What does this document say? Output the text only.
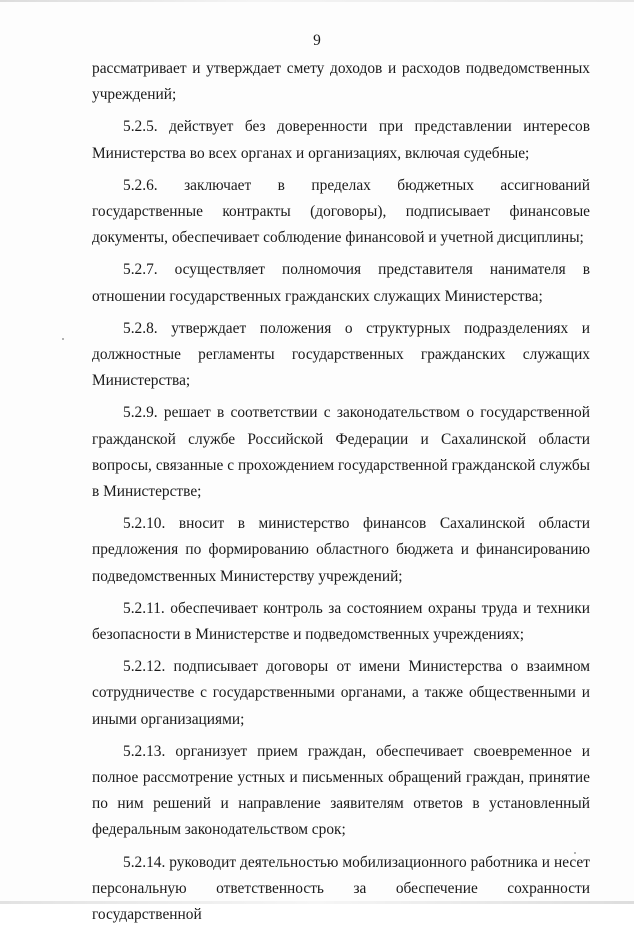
9

рассматривает и утверждает смету доходов и расходов подведомственных учреждений;

5.2.5. действует без доверенности при представлении интересов Министерства во всех органах и организациях, включая судебные;

5.2.6. заключает в пределах бюджетных ассигнований государственные контракты (договоры), подписывает финансовые документы, обеспечивает соблюдение финансовой и учетной дисциплины;

5.2.7. осуществляет полномочия представителя нанимателя в отношении государственных гражданских служащих Министерства;

5.2.8. утверждает положения о структурных подразделениях и должностные регламенты государственных гражданских служащих Министерства;

5.2.9. решает в соответствии с законодательством о государственной гражданской службе Российской Федерации и Сахалинской области вопросы, связанные с прохождением государственной гражданской службы в Министерстве;

5.2.10. вносит в министерство финансов Сахалинской области предложения по формированию областного бюджета и финансированию подведомственных Министерству учреждений;

5.2.11. обеспечивает контроль за состоянием охраны труда и техники безопасности в Министерстве и подведомственных учреждениях;

5.2.12. подписывает договоры от имени Министерства о взаимном сотрудничестве с государственными органами, а также общественными и иными организациями;

5.2.13. организует прием граждан, обеспечивает своевременное и полное рассмотрение устных и письменных обращений граждан, принятие по ним решений и направление заявителям ответов в установленный федеральным законодательством срок;

5.2.14. руководит деятельностью мобилизационного работника и несет персональную ответственность за обеспечение сохранности государственной
